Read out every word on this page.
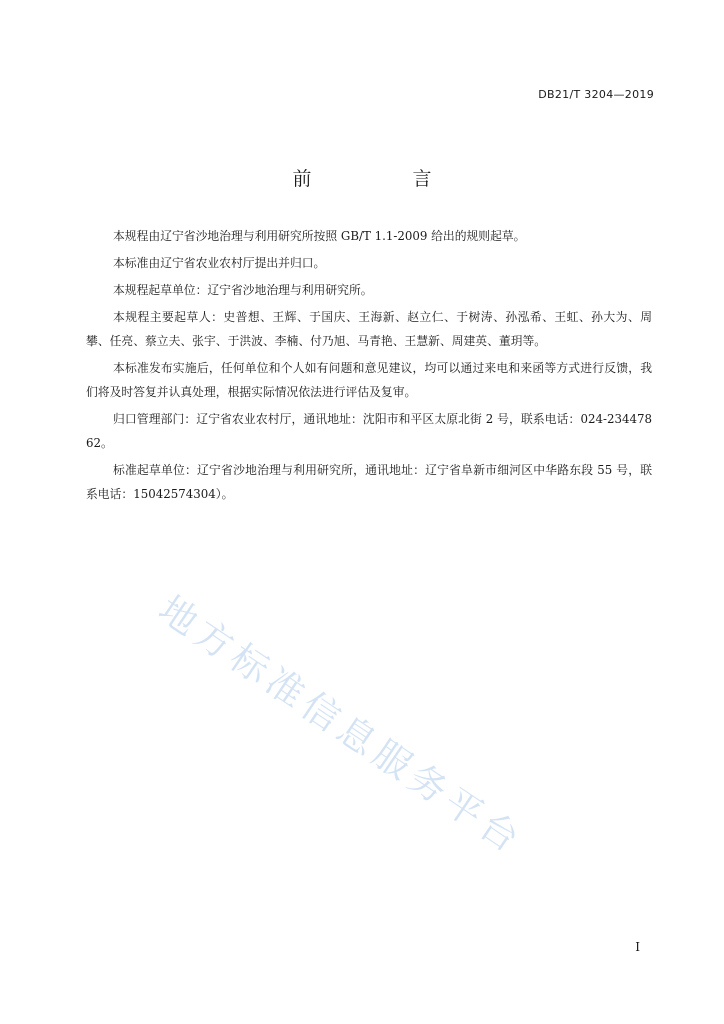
DB21/T 3204—2019
前　言

本规程由辽宁省沙地治理与利用研究所按照 GB/T 1.1-2009 给出的规则起草。

本标准由辽宁省农业农村厅提出并归口。

本规程起草单位：辽宁省沙地治理与利用研究所。

本规程主要起草人：史普想、王辉、于国庆、王海新、赵立仁、于树涛、孙泓希、王虹、孙大为、周攀、任亮、蔡立夫、张宇、于洪波、李楠、付乃旭、马青艳、王慧新、周建英、董玥等。

本标准发布实施后，任何单位和个人如有问题和意见建议，均可以通过来电和来函等方式进行反馈，我们将及时答复并认真处理，根据实际情况依法进行评估及复审。

归口管理部门：辽宁省农业农村厅，通讯地址：沈阳市和平区太原北街 2 号，联系电话：024-23447862。

标准起草单位：辽宁省沙地治理与利用研究所，通讯地址：辽宁省阜新市细河区中华路东段 55 号，联系电话：15042574304）。

地方标准信息服务平台
I
